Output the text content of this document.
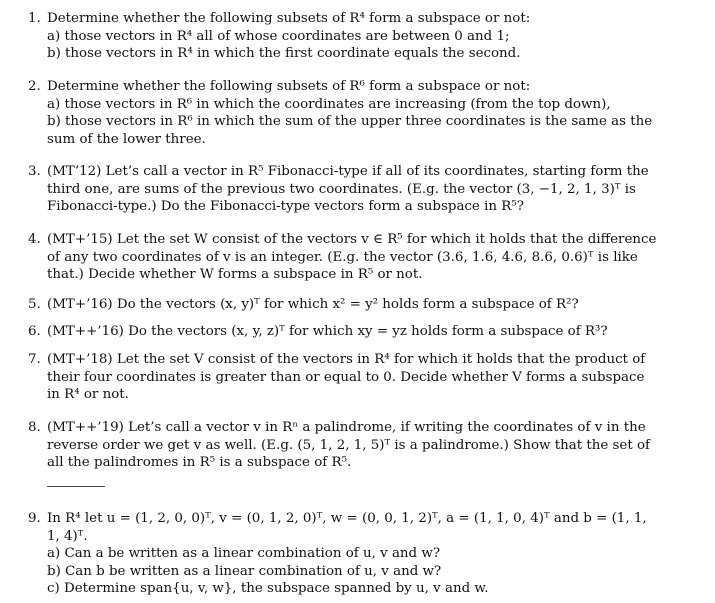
1. Determine whether the following subsets of R⁴ form a subspace or not:
a) those vectors in R⁴ all of whose coordinates are between 0 and 1;
b) those vectors in R⁴ in which the first coordinate equals the second.
2. Determine whether the following subsets of R⁶ form a subspace or not:
a) those vectors in R⁶ in which the coordinates are increasing (from the top down),
b) those vectors in R⁶ in which the sum of the upper three coordinates is the same as the sum of the lower three.
3. (MT’12) Let’s call a vector in R⁵ Fibonacci-type if all of its coordinates, starting form the third one, are sums of the previous two coordinates. (E.g. the vector (3, −1, 2, 1, 3)ᵀ is Fibonacci-type.) Do the Fibonacci-type vectors form a subspace in R⁵?
4. (MT+’15) Let the set W consist of the vectors v ∈ R⁵ for which it holds that the difference of any two coordinates of v is an integer. (E.g. the vector (3.6, 1.6, 4.6, 8.6, 0.6)ᵀ is like that.) Decide whether W forms a subspace in R⁵ or not.
5. (MT+’16) Do the vectors (x, y)ᵀ for which x² = y² holds form a subspace of R²?
6. (MT++’16) Do the vectors (x, y, z)ᵀ for which xy = yz holds form a subspace of R³?
7. (MT+’18) Let the set V consist of the vectors in R⁴ for which it holds that the product of their four coordinates is greater than or equal to 0. Decide whether V forms a subspace in R⁴ or not.
8. (MT++’19) Let’s call a vector v in Rⁿ a palindrome, if writing the coordinates of v in the reverse order we get v as well. (E.g. (5, 1, 2, 1, 5)ᵀ is a palindrome.) Show that the set of all the palindromes in R⁵ is a subspace of R⁵.
9. In R⁴ let u = (1, 2, 0, 0)ᵀ, v = (0, 1, 2, 0)ᵀ, w = (0, 0, 1, 2)ᵀ, a = (1, 1, 0, 4)ᵀ and b = (1, 1, 1, 4)ᵀ.
a) Can a be written as a linear combination of u, v and w?
b) Can b be written as a linear combination of u, v and w?
c) Determine span{u, v, w}, the subspace spanned by u, v and w.
